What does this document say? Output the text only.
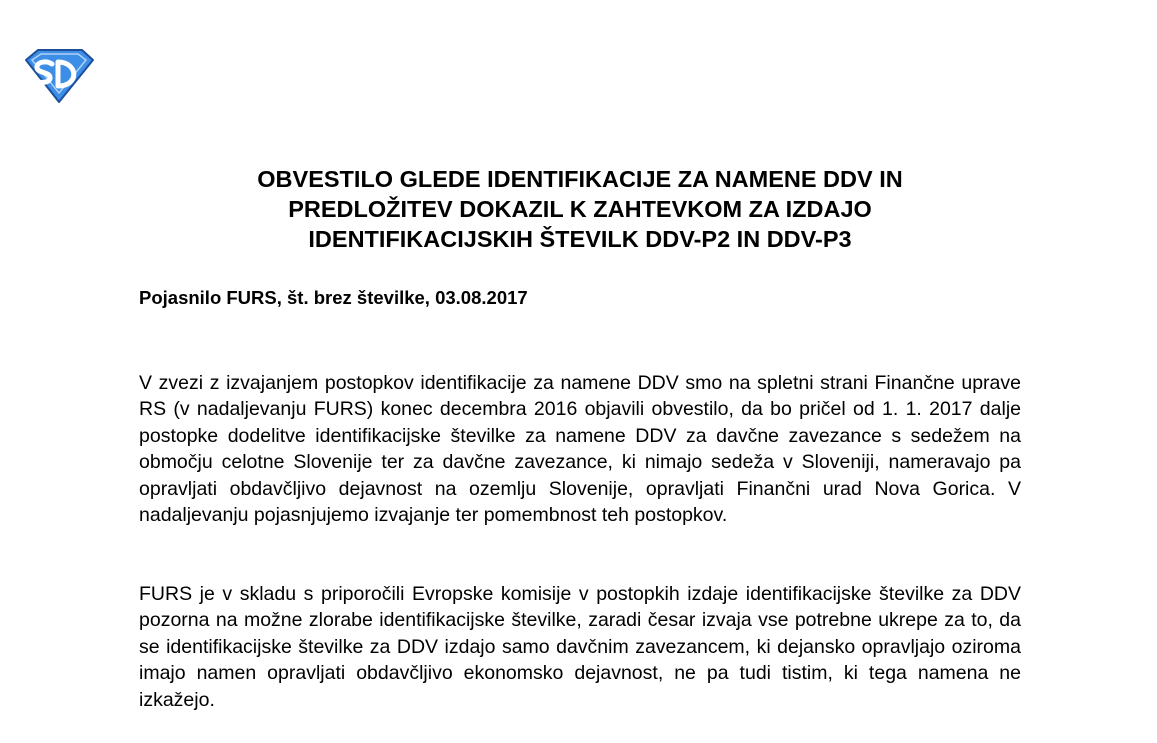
OBVESTILO GLEDE IDENTIFIKACIJE ZA NAMENE DDV IN
PREDLOŽITEV DOKAZIL K ZAHTEVKOM ZA IZDAJO
IDENTIFIKACIJSKIH ŠTEVILK DDV-P2 IN DDV-P3

Pojasnilo FURS, št. brez številke, 03.08.2017

V zvezi z izvajanjem postopkov identifikacije za namene DDV smo na spletni strani Finančne uprave RS (v nadaljevanju FURS) konec decembra 2016 objavili obvestilo, da bo pričel od 1. 1. 2017 dalje postopke dodelitve identifikacijske številke za namene DDV za davčne zavezance s sedežem na območju celotne Slovenije ter za davčne zavezance, ki nimajo sedeža v Sloveniji, nameravajo pa opravljati obdavčljivo dejavnost na ozemlju Slovenije, opravljati Finančni urad Nova Gorica. V nadaljevanju pojasnjujemo izvajanje ter pomembnost teh postopkov.

FURS je v skladu s priporočili Evropske komisije v postopkih izdaje identifikacijske številke za DDV pozorna na možne zlorabe identifikacijske številke, zaradi česar izvaja vse potrebne ukrepe za to, da se identifikacijske številke za DDV izdajo samo davčnim zavezancem, ki dejansko opravljajo oziroma imajo namen opravljati obdavčljivo ekonomsko dejavnost, ne pa tudi tistim, ki tega namena ne izkažejo.
